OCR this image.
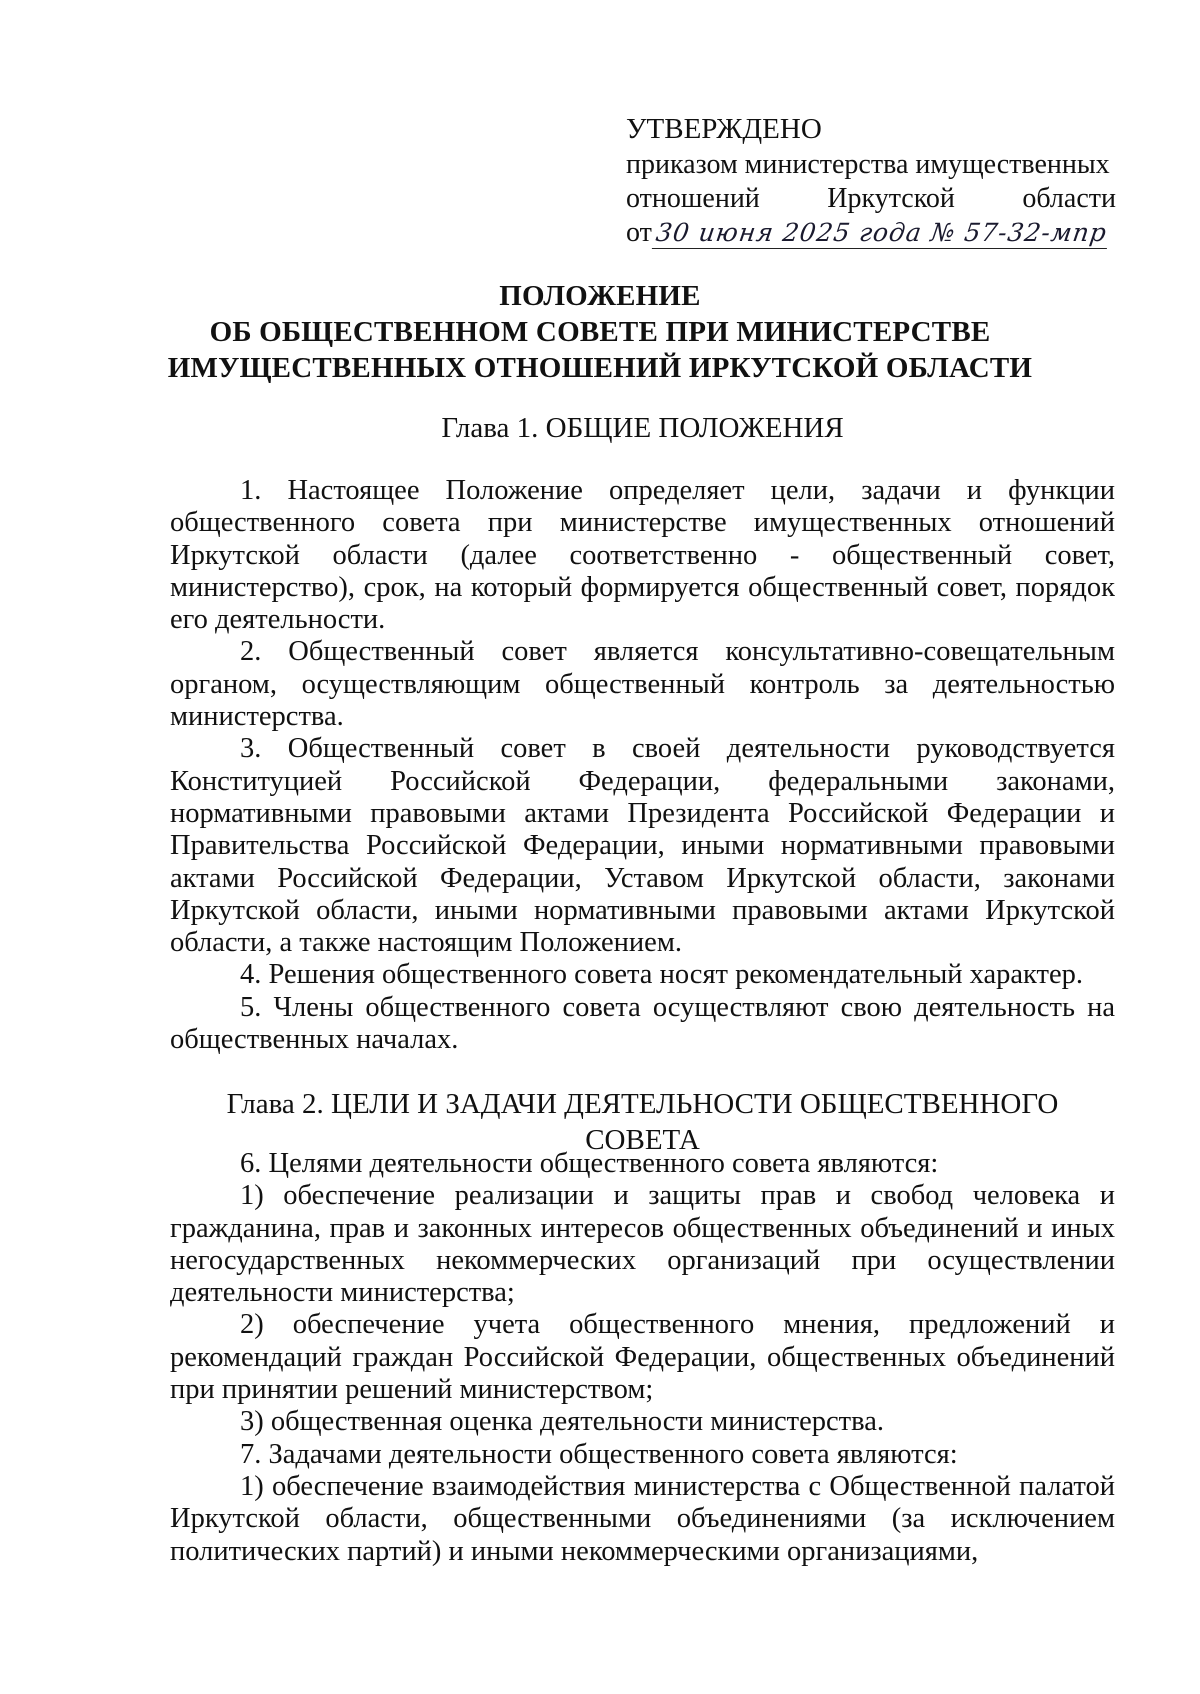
УТВЕРЖДЕНО
приказом министерства имущественных
отношений Иркутской области
от 30 июня 2025 года № 57-32-мпр
ПОЛОЖЕНИЕ
ОБ ОБЩЕСТВЕННОМ СОВЕТЕ ПРИ МИНИСТЕРСТВЕ
ИМУЩЕСТВЕННЫХ ОТНОШЕНИЙ ИРКУТСКОЙ ОБЛАСТИ
Глава 1. ОБЩИЕ ПОЛОЖЕНИЯ

1. Настоящее Положение определяет цели, задачи и функции общественного совета при министерстве имущественных отношений Иркутской области (далее соответственно - общественный совет, министерство), срок, на который формируется общественный совет, порядок его деятельности.

2. Общественный совет является консультативно-совещательным органом, осуществляющим общественный контроль за деятельностью министерства.

3. Общественный совет в своей деятельности руководствуется Конституцией Российской Федерации, федеральными законами, нормативными правовыми актами Президента Российской Федерации и Правительства Российской Федерации, иными нормативными правовыми актами Российской Федерации, Уставом Иркутской области, законами Иркутской области, иными нормативными правовыми актами Иркутской области, а также настоящим Положением.

4. Решения общественного совета носят рекомендательный характер.

5. Члены общественного совета осуществляют свою деятельность на общественных началах.

Глава 2. ЦЕЛИ И ЗАДАЧИ ДЕЯТЕЛЬНОСТИ ОБЩЕСТВЕННОГО СОВЕТА

6. Целями деятельности общественного совета являются:

1) обеспечение реализации и защиты прав и свобод человека и гражданина, прав и законных интересов общественных объединений и иных негосударственных некоммерческих организаций при осуществлении деятельности министерства;

2) обеспечение учета общественного мнения, предложений и рекомендаций граждан Российской Федерации, общественных объединений при принятии решений министерством;

3) общественная оценка деятельности министерства.

7. Задачами деятельности общественного совета являются:

1) обеспечение взаимодействия министерства с Общественной палатой Иркутской области, общественными объединениями (за исключением политических партий) и иными некоммерческими организациями,
